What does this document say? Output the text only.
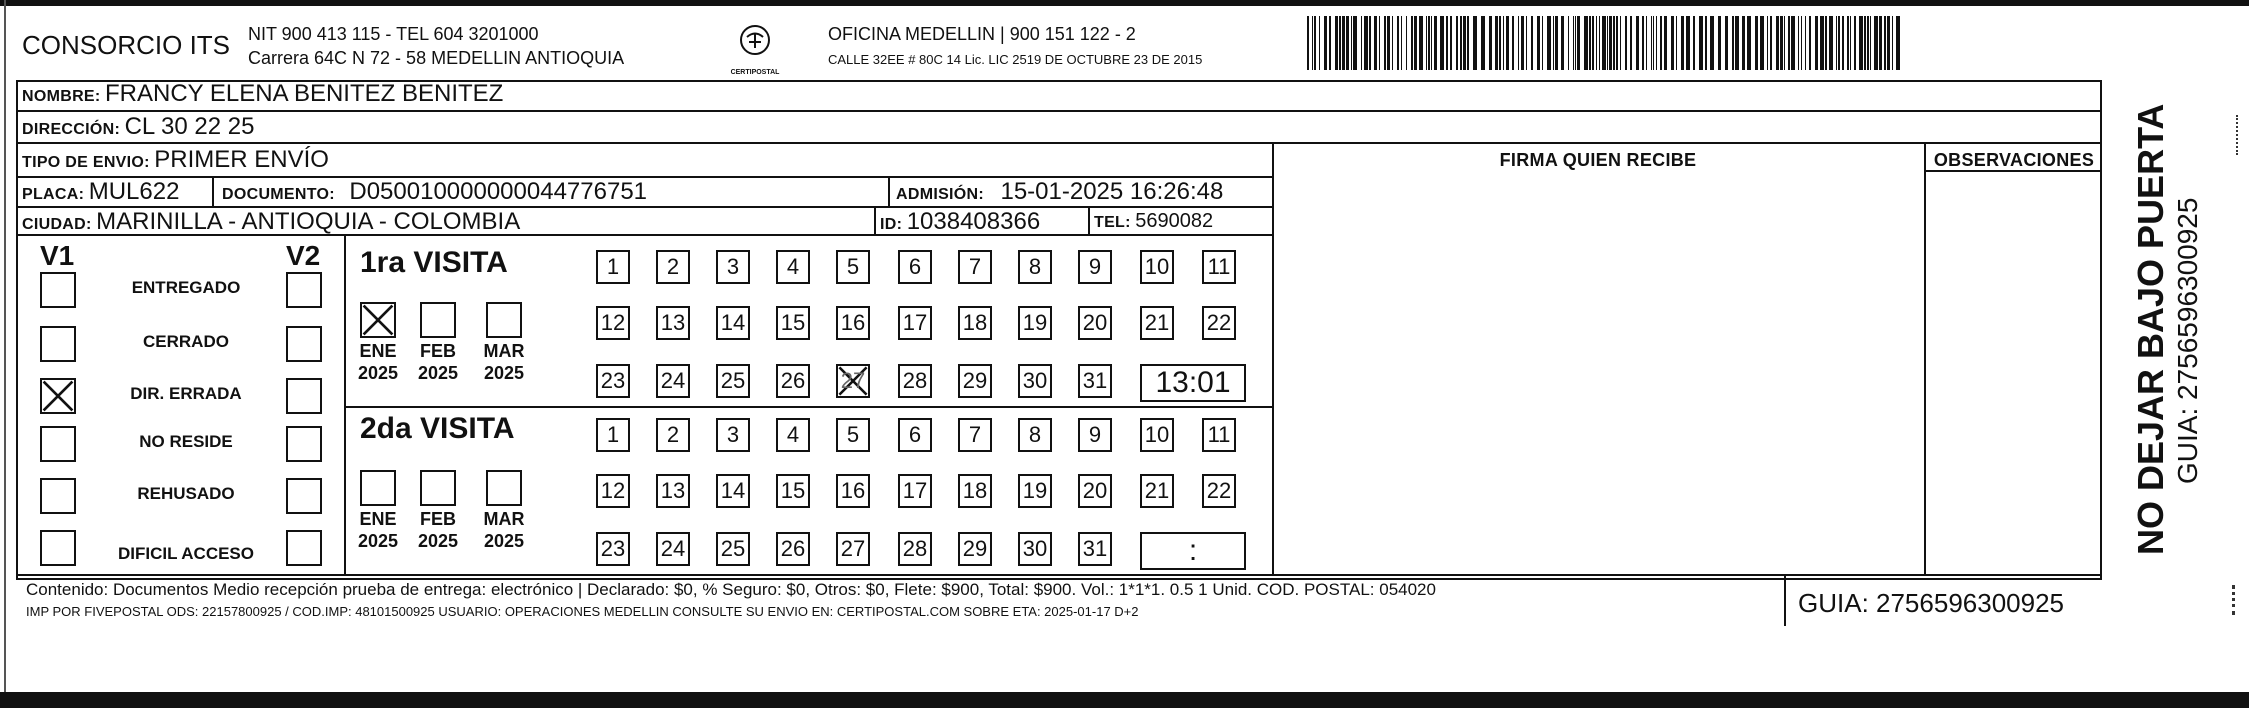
CONSORCIO ITS NIT 900 413 115 - TEL 604 3201000
Carrera 64C N 72 - 58 MEDELLIN ANTIOQUIA
CERTIPOSTAL
OFICINA MEDELLIN | 900 151 122 - 2
CALLE 32EE # 80C 14 Lic. LIC 2519 DE OCTUBRE 23 DE 2015
NOMBRE: FRANCY ELENA BENITEZ BENITEZ
DIRECCIÓN: CL 30 22 25
TIPO DE ENVIO: PRIMER ENVÍO	FIRMA QUIEN RECIBE	OBSERVACIONES
PLACA: MUL622	DOCUMENTO: D050010000000044776751	ADMISIÓN: 15-01-2025 16:26:48
CIUDAD: MARINILLA - ANTIOQUIA - COLOMBIA	ID: 1038408366	TEL: 5690082
V1	V2
ENTREGADO
CERRADO
DIR. ERRADA
NO RESIDE
REHUSADO
DIFICIL ACCESO
1ra VISITA
2da VISITA
ENE
2025
FEB
2025
MAR
2025
1	2	3	4	5	6	7	8	9	10 11
12 13 14 15 16 17 18 19 20 21 22
23 24 25 26 27 28 29 30 31	13:01
ENE
2025
FEB
2025
MAR
2025
1	2	3	4	5	6	7	8	9	10 11
12 13 14 15 16 17 18 19 20 21 22
23 24 25 26 27 28 29 30 31	:	NO DEJAR BAJO PUERTA GUIA: 2756596300925
Contenido: Documentos Medio recepción prueba de entrega: electrónico | Declarado: $0, % Seguro: $0, Otros: $0, Flete: $900, Total: $900. Vol.: 1*1*1. 0.5 1 Unid. COD. POSTAL: 054020
IMP POR FIVEPOSTAL ODS: 22157800925 / COD.IMP: 48101500925 USUARIO: OPERACIONES MEDELLIN CONSULTE SU ENVIO EN: CERTIPOSTAL.COM SOBRE ETA: 2025-01-17 D+2	GUIA: 2756596300925
